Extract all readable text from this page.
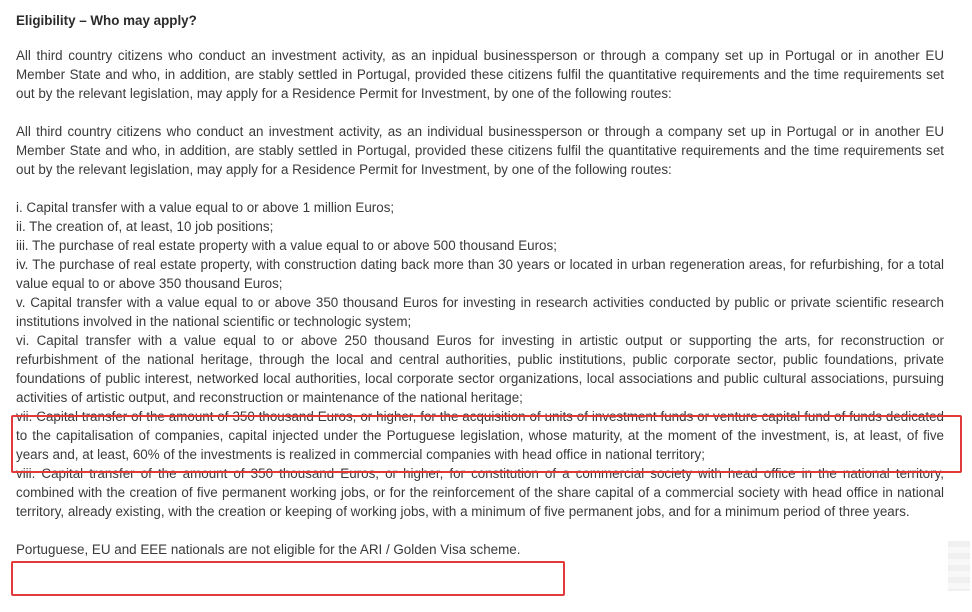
Eligibility – Who may apply?

All third country citizens who conduct an investment activity, as an inpidual businessperson or through a company set up in Portugal or in another EU Member State and who, in addition, are stably settled in Portugal, provided these citizens fulfil the quantitative requirements and the time requirements set out by the relevant legislation, may apply for a Residence Permit for Investment, by one of the following routes:

All third country citizens who conduct an investment activity, as an individual businessperson or through a company set up in Portugal or in another EU Member State and who, in addition, are stably settled in Portugal, provided these citizens fulfil the quantitative requirements and the time requirements set out by the relevant legislation, may apply for a Residence Permit for Investment, by one of the following routes:

i. Capital transfer with a value equal to or above 1 million Euros;
ii. The creation of, at least, 10 job positions;
iii. The purchase of real estate property with a value equal to or above 500 thousand Euros;
iv. The purchase of real estate property, with construction dating back more than 30 years or located in urban regeneration areas, for refurbishing, for a total value equal to or above 350 thousand Euros;
v. Capital transfer with a value equal to or above 350 thousand Euros for investing in research activities conducted by public or private scientific research institutions involved in the national scientific or technologic system;
vi. Capital transfer with a value equal to or above 250 thousand Euros for investing in artistic output or supporting the arts, for reconstruction or refurbishment of the national heritage, through the local and central authorities, public institutions, public corporate sector, public foundations, private foundations of public interest, networked local authorities, local corporate sector organizations, local associations and public cultural associations, pursuing activities of artistic output, and reconstruction or maintenance of the national heritage;
vii. Capital transfer of the amount of 350 thousand Euros, or higher, for the acquisition of units of investment funds or venture capital fund of funds dedicated to the capitalisation of companies, capital injected under the Portuguese legislation, whose maturity, at the moment of the investment, is, at least, of five years and, at least, 60% of the investments is realized in commercial companies with head office in national territory;
viii. Capital transfer of the amount of 350 thousand Euros, or higher, for constitution of a commercial society with head office in the national territory, combined with the creation of five permanent working jobs, or for the reinforcement of the share capital of a commercial society with head office in national territory, already existing, with the creation or keeping of working jobs, with a minimum of five permanent jobs, and for a minimum period of three years.

Portuguese, EU and EEE nationals are not eligible for the ARI / Golden Visa scheme.
